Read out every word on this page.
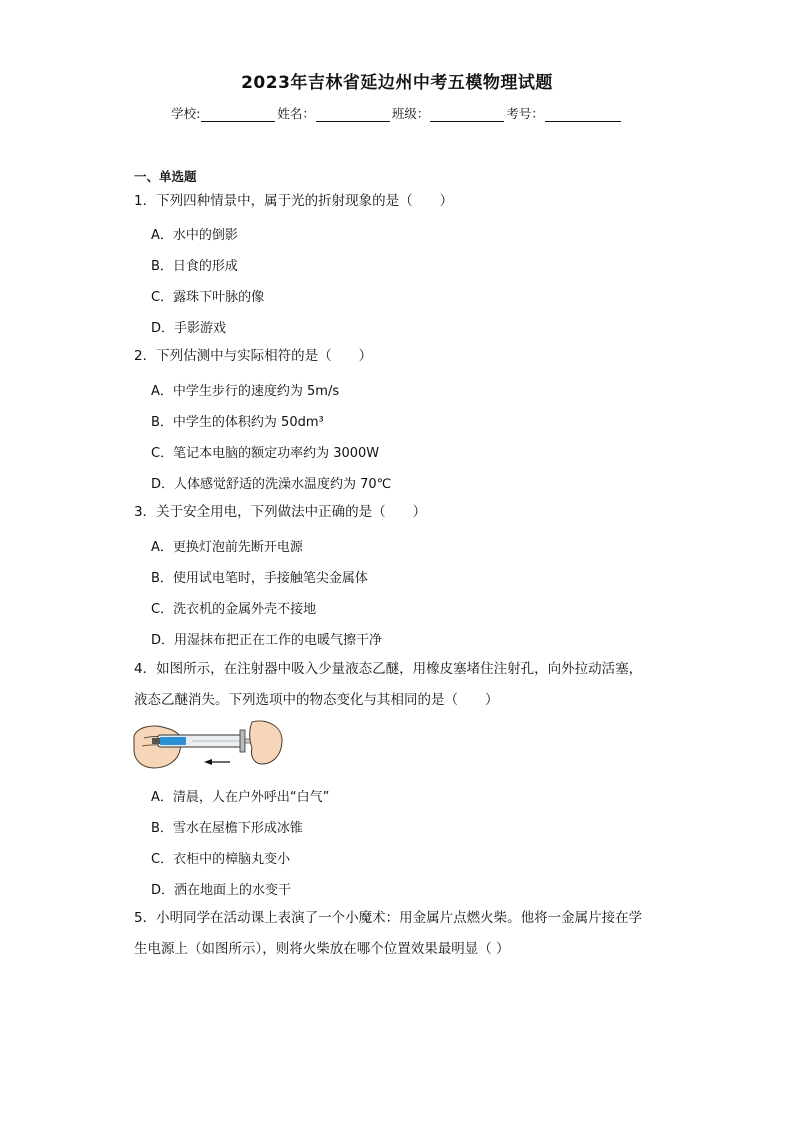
2023年吉林省延边州中考五模物理试题
学校:	姓名：	班级：	考号：
一、单选题
1．下列四种情景中，属于光的折射现象的是（　　）
A．水中的倒影
B．日食的形成
C．露珠下叶脉的像
D．手影游戏
2．下列估测中与实际相符的是（　　）
A．中学生步行的速度约为 5m/s
B．中学生的体积约为 50dm³
C．笔记本电脑的额定功率约为 3000W
D．人体感觉舒适的洗澡水温度约为 70℃
3．关于安全用电，下列做法中正确的是（　　）
A．更换灯泡前先断开电源
B．使用试电笔时，手接触笔尖金属体
C．洗衣机的金属外壳不接地
D．用湿抹布把正在工作的电暖气擦干净
4．如图所示，在注射器中吸入少量液态乙醚，用橡皮塞堵住注射孔，向外拉动活塞，
液态乙醚消失。下列选项中的物态变化与其相同的是（　　）
A．清晨，人在户外呼出“白气”
B．雪水在屋檐下形成冰锥
C．衣柜中的樟脑丸变小
D．洒在地面上的水变干
5．小明同学在活动课上表演了一个小魔术：用金属片点燃火柴。他将一金属片接在学
生电源上（如图所示），则将火柴放在哪个位置效果最明显（ ）
